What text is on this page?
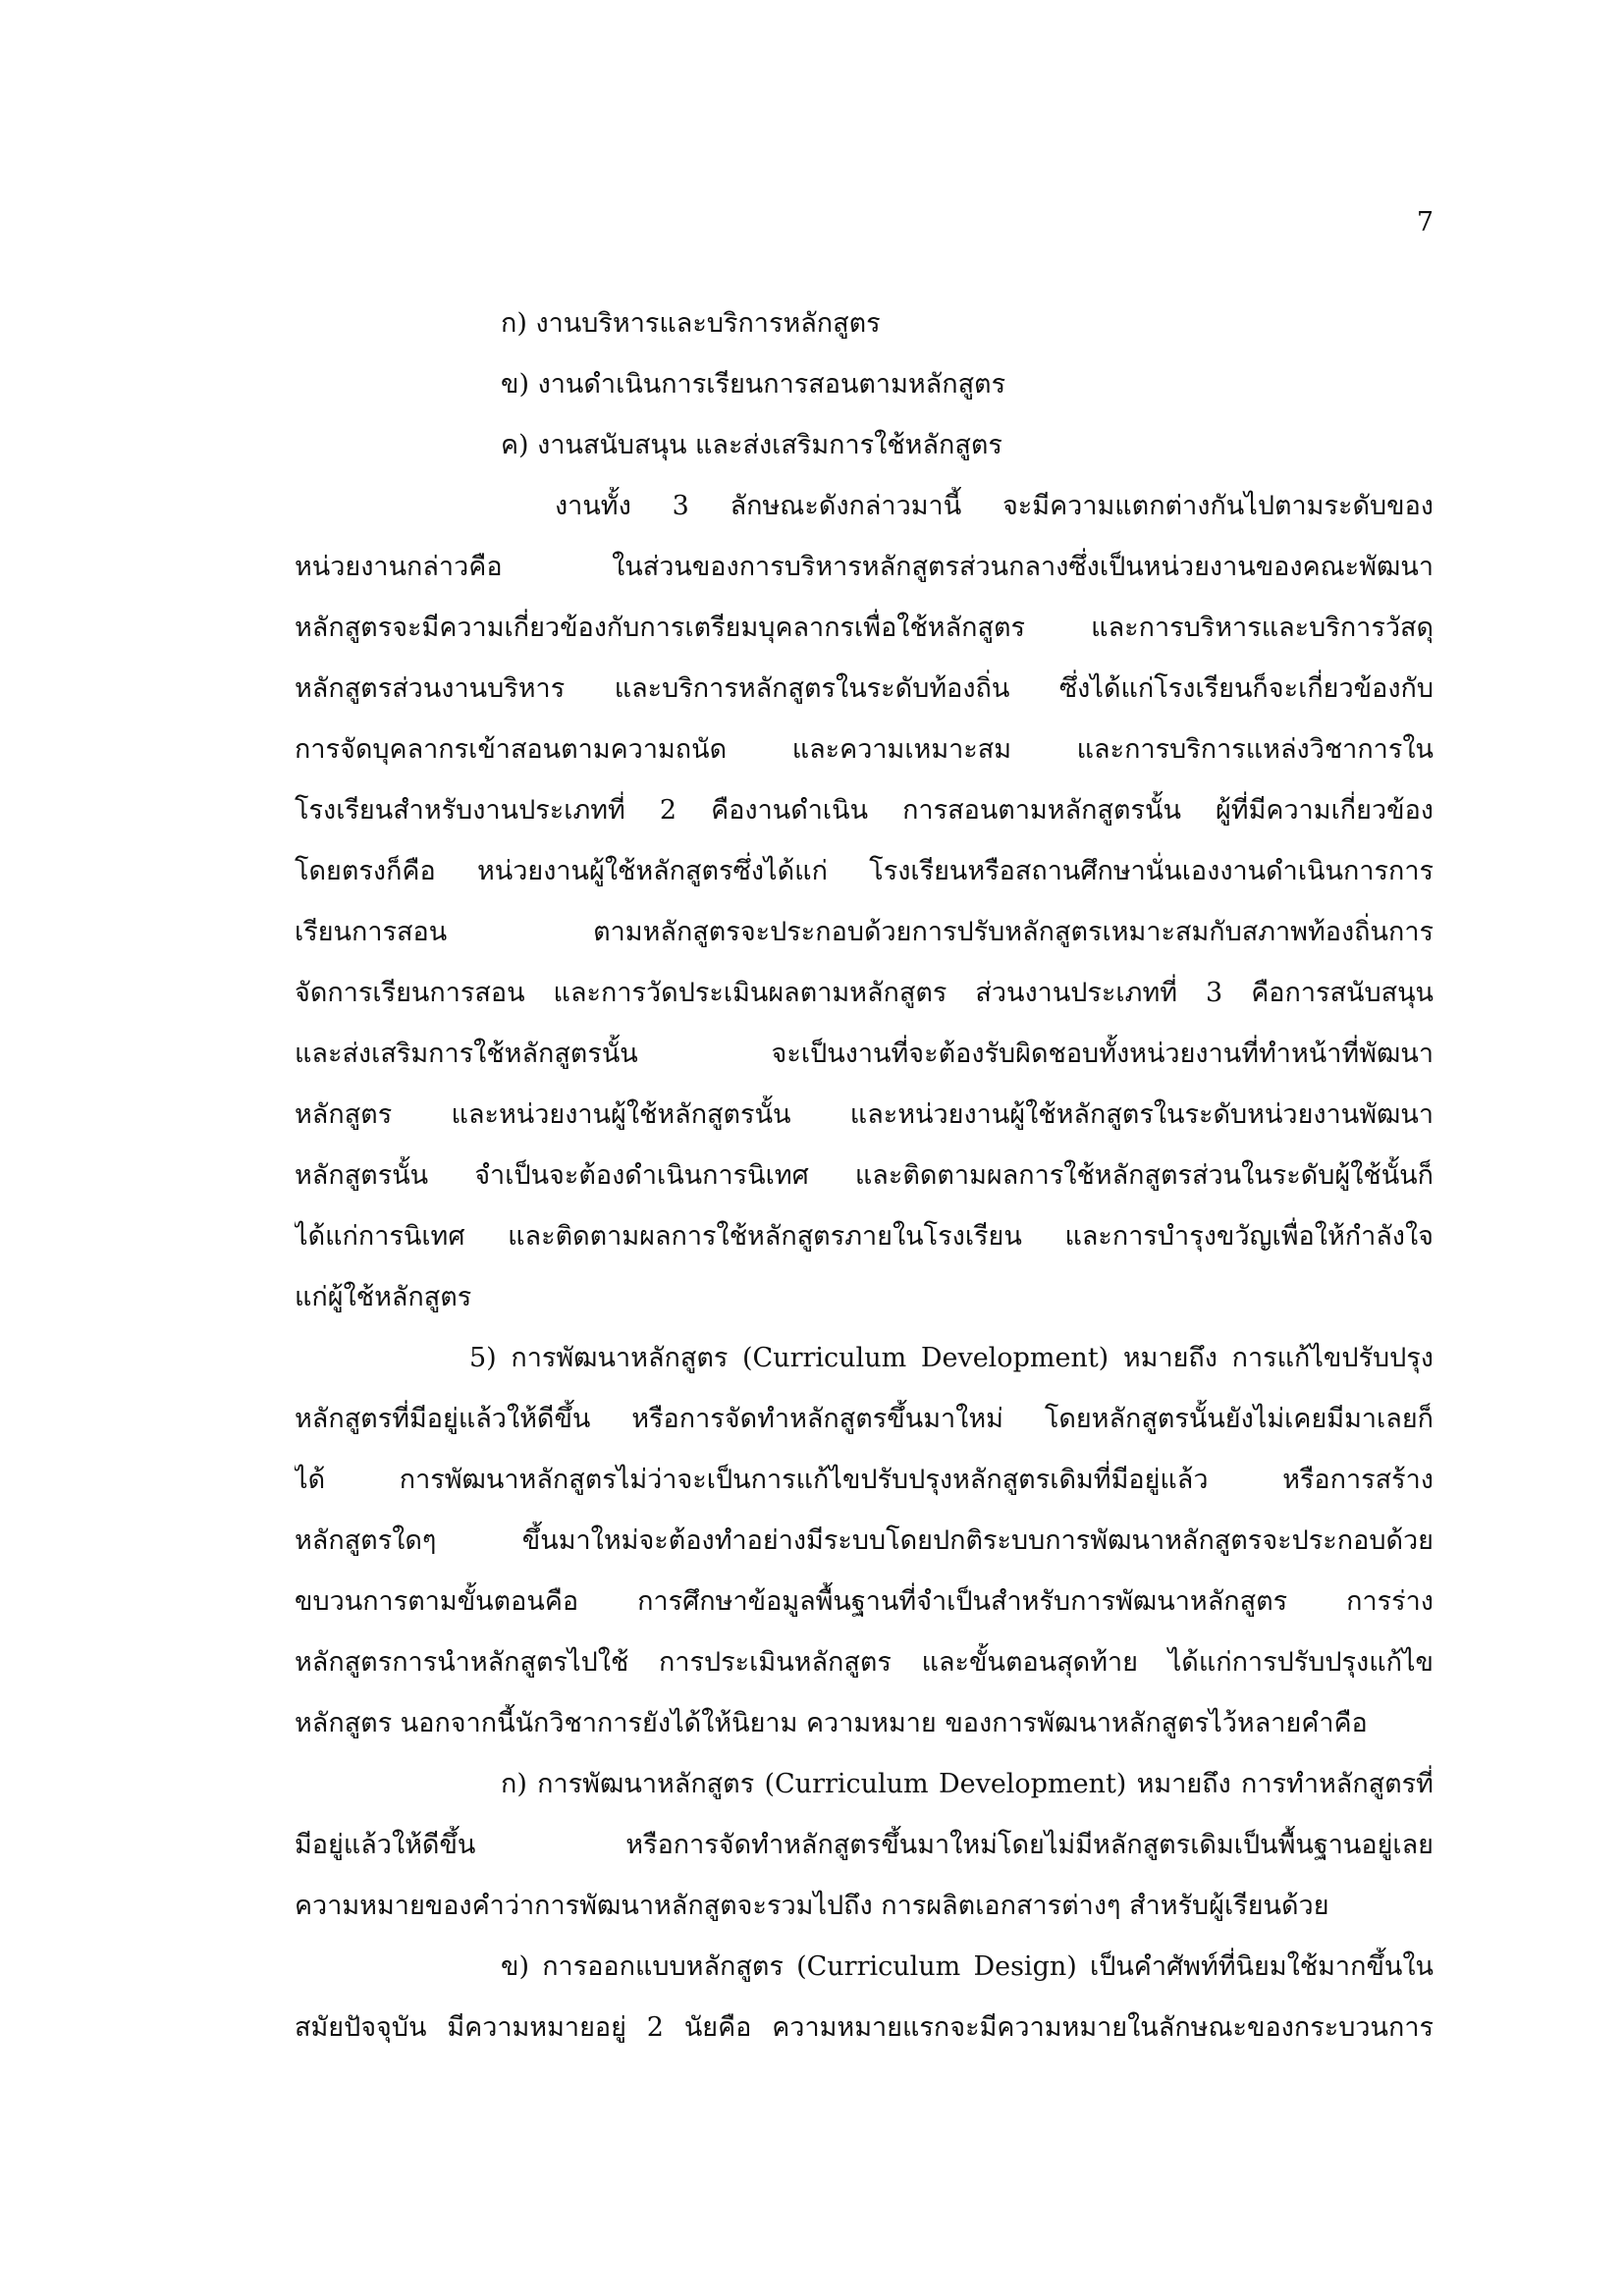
7
ก) งานบริหารและบริการหลักสูตร
ข) งานดำเนินการเรียนการสอนตามหลักสูตร
ค) งานสนับสนุน และส่งเสริมการใช้หลักสูตร
งานทั้ง 3 ลักษณะดังกล่าวมานี้ จะมีความแตกต่างกันไปตามระดับของ
หน่วยงานกล่าวคือ ในส่วนของการบริหารหลักสูตรส่วนกลางซึ่งเป็นหน่วยงานของคณะพัฒนา
หลักสูตรจะมีความเกี่ยวข้องกับการเตรียมบุคลากรเพื่อใช้หลักสูตร และการบริหารและบริการวัสดุ
หลักสูตรส่วนงานบริหาร และบริการหลักสูตรในระดับท้องถิ่น ซึ่งได้แก่โรงเรียนก็จะเกี่ยวข้องกับ
การจัดบุคลากรเข้าสอนตามความถนัด และความเหมาะสม และการบริการแหล่งวิชาการใน
โรงเรียนสำหรับงานประเภทที่ 2 คืองานดำเนิน การสอนตามหลักสูตรนั้น ผู้ที่มีความเกี่ยวข้อง
โดยตรงก็คือ หน่วยงานผู้ใช้หลักสูตรซึ่งได้แก่ โรงเรียนหรือสถานศึกษานั่นเองงานดำเนินการการ
เรียนการสอน ตามหลักสูตรจะประกอบด้วยการปรับหลักสูตรเหมาะสมกับสภาพท้องถิ่นการ
จัดการเรียนการสอน และการวัดประเมินผลตามหลักสูตร ส่วนงานประเภทที่ 3 คือการสนับสนุน
และส่งเสริมการใช้หลักสูตรนั้น จะเป็นงานที่จะต้องรับผิดชอบทั้งหน่วยงานที่ทำหน้าที่พัฒนา
หลักสูตร และหน่วยงานผู้ใช้หลักสูตรนั้น และหน่วยงานผู้ใช้หลักสูตรในระดับหน่วยงานพัฒนา
หลักสูตรนั้น จำเป็นจะต้องดำเนินการนิเทศ และติดตามผลการใช้หลักสูตรส่วนในระดับผู้ใช้นั้นก็
ได้แก่การนิเทศ และติดตามผลการใช้หลักสูตรภายในโรงเรียน และการบำรุงขวัญเพื่อให้กำลังใจ
แก่ผู้ใช้หลักสูตร
5) การพัฒนาหลักสูตร (Curriculum Development) หมายถึง การแก้ไขปรับปรุง
หลักสูตรที่มีอยู่แล้วให้ดีขึ้น หรือการจัดทำหลักสูตรขึ้นมาใหม่ โดยหลักสูตรนั้นยังไม่เคยมีมาเลยก็
ได้ การพัฒนาหลักสูตรไม่ว่าจะเป็นการแก้ไขปรับปรุงหลักสูตรเดิมที่มีอยู่แล้ว หรือการสร้าง
หลักสูตรใดๆ ขึ้นมาใหม่จะต้องทำอย่างมีระบบโดยปกติระบบการพัฒนาหลักสูตรจะประกอบด้วย
ขบวนการตามขั้นตอนคือ การศึกษาข้อมูลพื้นฐานที่จำเป็นสำหรับการพัฒนาหลักสูตร การร่าง
หลักสูตรการนำหลักสูตรไปใช้ การประเมินหลักสูตร และขั้นตอนสุดท้าย ได้แก่การปรับปรุงแก้ไข
หลักสูตร นอกจากนี้นักวิชาการยังได้ให้นิยาม ความหมาย ของการพัฒนาหลักสูตรไว้หลายคำคือ
ก) การพัฒนาหลักสูตร (Curriculum Development) หมายถึง การทำหลักสูตรที่
มีอยู่แล้วให้ดีขึ้น หรือการจัดทำหลักสูตรขึ้นมาใหม่โดยไม่มีหลักสูตรเดิมเป็นพื้นฐานอยู่เลย
ความหมายของคำว่าการพัฒนาหลักสูตจะรวมไปถึง การผลิตเอกสารต่างๆ สำหรับผู้เรียนด้วย
ข) การออกแบบหลักสูตร (Curriculum Design) เป็นคำศัพท์ที่นิยมใช้มากขึ้นใน
สมัยปัจจุบัน มีความหมายอยู่ 2 นัยคือ ความหมายแรกจะมีความหมายในลักษณะของกระบวนการ
